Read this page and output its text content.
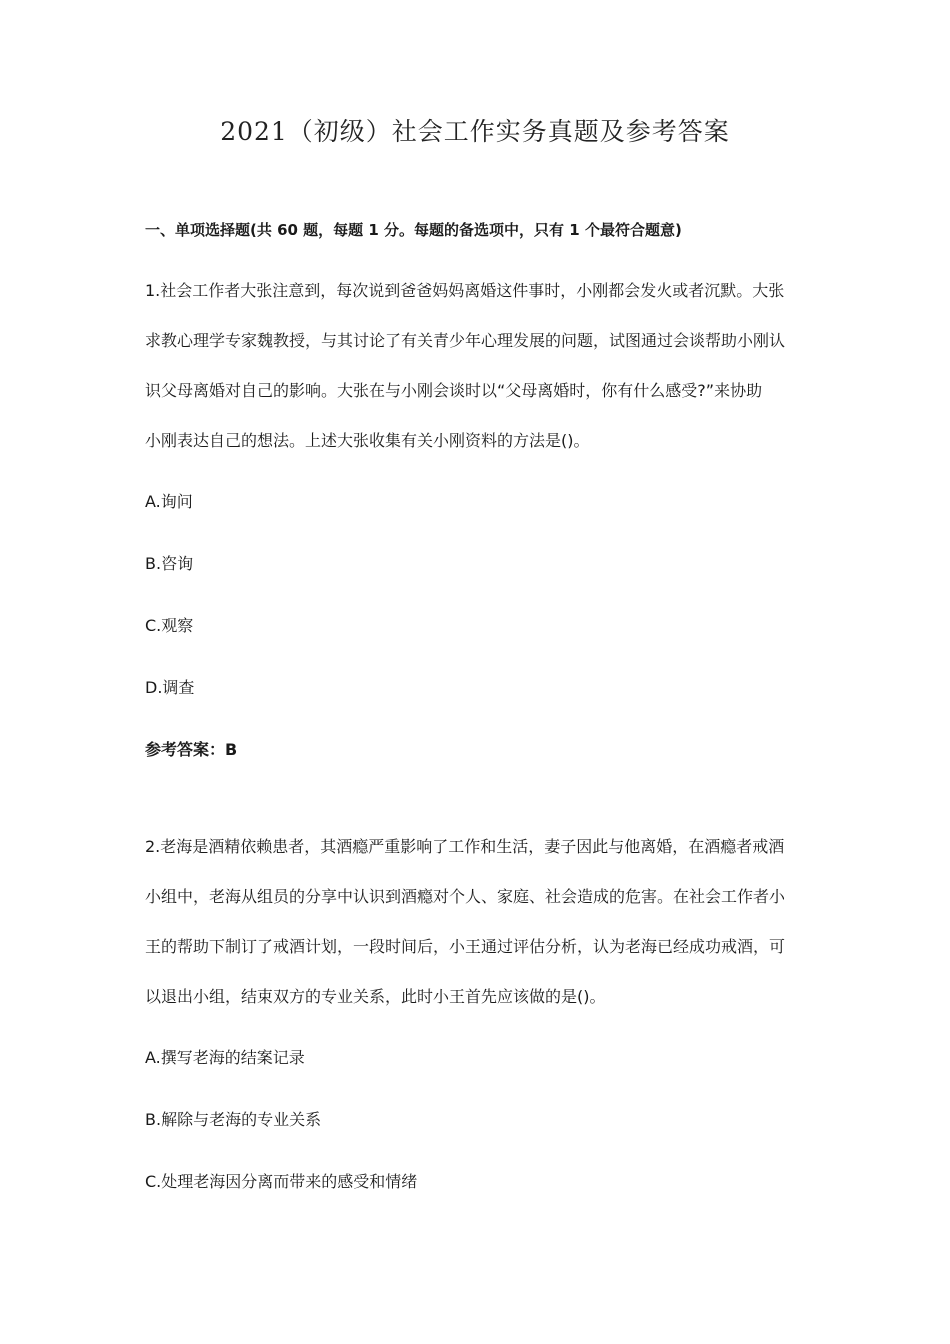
2021（初级）社会工作实务真题及参考答案
一、单项选择题(共 60 题，每题 1 分。每题的备选项中，只有 1 个最符合题意)
1.社会工作者大张注意到，每次说到爸爸妈妈离婚这件事时，小刚都会发火或者沉默。大张
求教心理学专家魏教授，与其讨论了有关青少年心理发展的问题，试图通过会谈帮助小刚认
识父母离婚对自己的影响。大张在与小刚会谈时以“父母离婚时，你有什么感受?”来协助
小刚表达自己的想法。上述大张收集有关小刚资料的方法是()。
A.询问
B.咨询
C.观察
D.调查
参考答案：B
2.老海是酒精依赖患者，其酒瘾严重影响了工作和生活，妻子因此与他离婚，在酒瘾者戒酒
小组中，老海从组员的分享中认识到酒瘾对个人、家庭、社会造成的危害。在社会工作者小
王的帮助下制订了戒酒计划，一段时间后，小王通过评估分析，认为老海已经成功戒酒，可
以退出小组，结束双方的专业关系，此时小王首先应该做的是()。
A.撰写老海的结案记录
B.解除与老海的专业关系
C.处理老海因分离而带来的感受和情绪
